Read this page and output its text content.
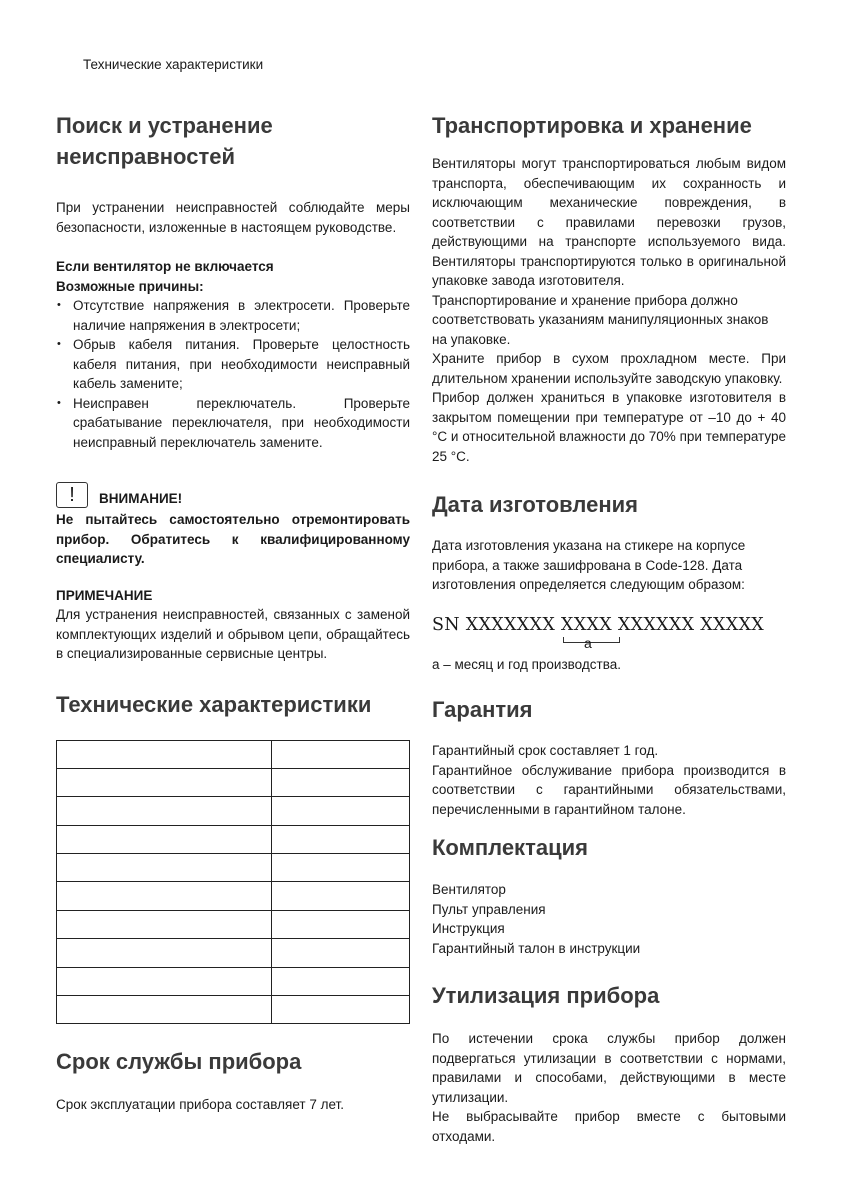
Технические характеристики
Поиск и устранение
неисправностей

При устранении неисправностей соблюдайте меры безопасности, изложенные в настоящем руководстве.

Если вентилятор не включается

Возможные причины:

• Отсутствие напряжения в электросети. Проверьте наличие напряжения в электросети;
• Обрыв кабеля питания. Проверьте целостность кабеля питания, при необходимости неисправный кабель замените;
• Неисправен переключатель. Проверьте срабатывание переключателя, при необходимости неисправный переключатель замените.
!	ВНИМАНИЕ!

Не пытайтесь самостоятельно отремонтировать прибор. Обратитесь к квалифицированному специалисту.

ПРИМЕЧАНИЕ

Для устранения неисправностей, связанных с заменой комплектующих изделий и обрывом цепи, обращайтесь в специализированные сервисные центры.

Технические характеристики

Срок службы прибора

Срок эксплуатации прибора составляет 7 лет.

Транспортировка и хранение

Вентиляторы могут транспортироваться любым видом транспорта, обеспечивающим их сохранность и исключающим механические повреждения, в соответствии с правилами перевозки грузов, действующими на транспорте используемого вида. Вентиляторы транспортируются только в оригинальной упаковке завода изготовителя.

Транспортирование и хранение прибора должно соответствовать указаниям манипуляционных знаков на упаковке.

Храните прибор в сухом прохладном месте. При длительном хранении используйте заводскую упаковку.

Прибор должен храниться в упаковке изготовителя в закрытом помещении при температуре от –10 до + 40 °С и относительной влажности до 70% при температуре 25 °С.

Дата изготовления

Дата изготовления указана на стикере на корпусе прибора, а также зашифрована в Code-128. Дата изготовления определяется следующим образом:

SN XXXXXXX XXXX XXXXXX XXXXX
а

а – месяц и год производства.

Гарантия

Гарантийный срок составляет 1 год.

Гарантийное обслуживание прибора производится в соответствии с гарантийными обязательствами, перечисленными в гарантийном талоне.

Комплектация

Вентилятор

Пульт управления

Инструкция

Гарантийный талон в инструкции

Утилизация прибора

По истечении срока службы прибор должен подвергаться утилизации в соответствии с нормами, правилами и способами, действующими в месте утилизации.

Не выбрасывайте прибор вместе с бытовыми отходами.
